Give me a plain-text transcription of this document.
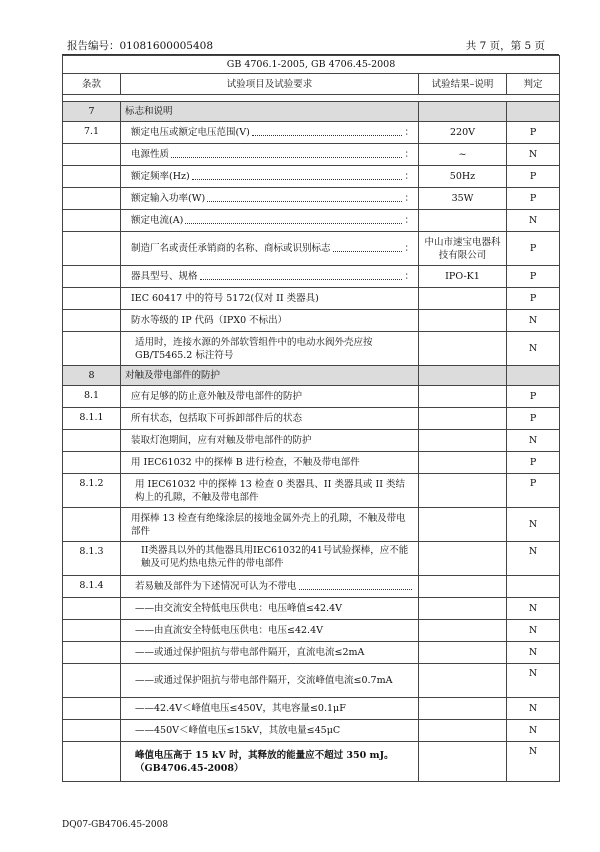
报告编号：01081600005408	共 7 页，第 5 页
GB 4706.1-2005, GB 4706.45-2008			
条款	试验项目及试验要求	试验结果–说明	判定

7	标志和说明		
7.1	额定电压或额定电压范围(V) ：	220V	P

	电源性质 ：	~	N

	额定频率(Hz) ：	50Hz	P

	额定输入功率(W) ：	35W	P

	额定电流(A) ：		N

	制造厂名或责任承销商的名称、商标或识别标志 ：	中山市速宝电器科技有限公司	P

	器具型号、规格 ：	IPO-K1	P
	IEC 60417 中的符号 5172(仅对 II 类器具)		P
	防水等级的 IP 代码（IPX0 不标出）		N
	适用时，连接水源的外部软管组件中的电动水阀外壳应按 GB/T5465.2 标注符号		N
8	对触及带电部件的防护		
8.1	应有足够的防止意外触及带电部件的防护		P
8.1.1	所有状态，包括取下可拆卸部件后的状态		P
	装取灯泡期间，应有对触及带电部件的防护		N
	用 IEC61032 中的探棒 B 进行检查，不触及带电部件		P
8.1.2	用 IEC61032 中的探棒 13 检查 0 类器具、II 类器具或 II 类结构上的孔隙，不触及带电部件		P
	用探棒 13 检查有绝缘涂层的接地金属外壳上的孔隙，不触及带电部件		N
8.1.3	II类器具以外的其他器具用IEC61032的41号试验探棒，应不能触及可见灼热电热元件的带电部件		N
8.1.4	若易触及部件为下述情况可认为不带电		

	——由交流安全特低电压供电：电压峰值≤42.4V		N
	——由直流安全特低电压供电：电压≤42.4V		N
	——或通过保护阻抗与带电部件隔开，直流电流≤2mA		N
	——或通过保护阻抗与带电部件隔开，交流峰值电流≤0.7mA		N
	——42.4V＜峰值电压≤450V，其电容量≤0.1μF		N
	——450V＜峰值电压≤15kV，其放电量≤45μC		N

	峰值电压高于 15 kV 时，其释放的能量应不超过 350 mJ。
（GB4706.45-2008）		N
DQ07-GB4706.45-2008
